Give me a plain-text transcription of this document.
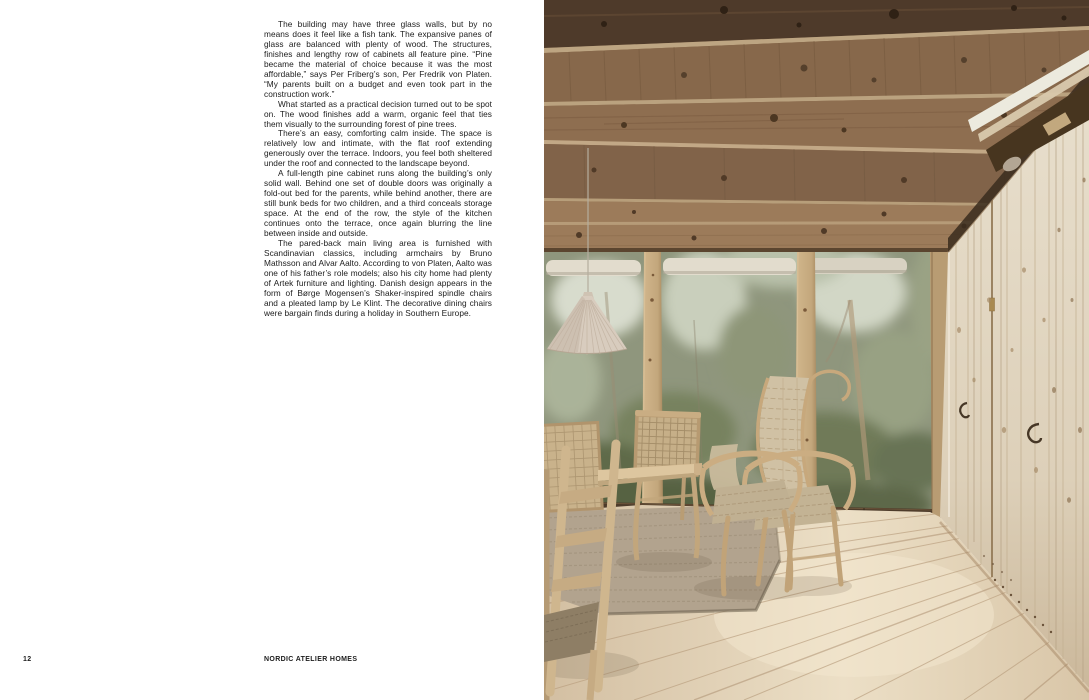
The building may have three glass walls, but by no means does it feel like a fish tank. The expansive panes of glass are balanced with plenty of wood. The structures, finishes and lengthy row of cabinets all feature pine. “Pine became the material of choice because it was the most affordable,” says Per Friberg’s son, Per Fredrik von Platen. “My parents built on a budget and even took part in the construction work.”

What started as a practical decision turned out to be spot on. The wood finishes add a warm, organic feel that ties them visually to the surrounding forest of pine trees.

There’s an easy, comforting calm inside. The space is relatively low and intimate, with the flat roof extending generously over the terrace. Indoors, you feel both sheltered under the roof and connected to the landscape beyond.

A full-length pine cabinet runs along the building’s only solid wall. Behind one set of double doors was originally a fold-out bed for the parents, while behind another, there are still bunk beds for two children, and a third conceals storage space. At the end of the row, the style of the kitchen continues onto the terrace, once again blurring the line between inside and outside.

The pared-back main living area is furnished with Scandinavian classics, including armchairs by Bruno Mathsson and Alvar Aalto. According to von Platen, Aalto was one of his father’s role models; also his city home had plenty of Artek furniture and lighting. Danish design appears in the form of Børge Mogensen’s Shaker-inspired spindle chairs and a pleated lamp by Le Klint. The decorative dining chairs were bargain finds during a holiday in Southern Europe.

12	NORDIC ATELIER HOMES
